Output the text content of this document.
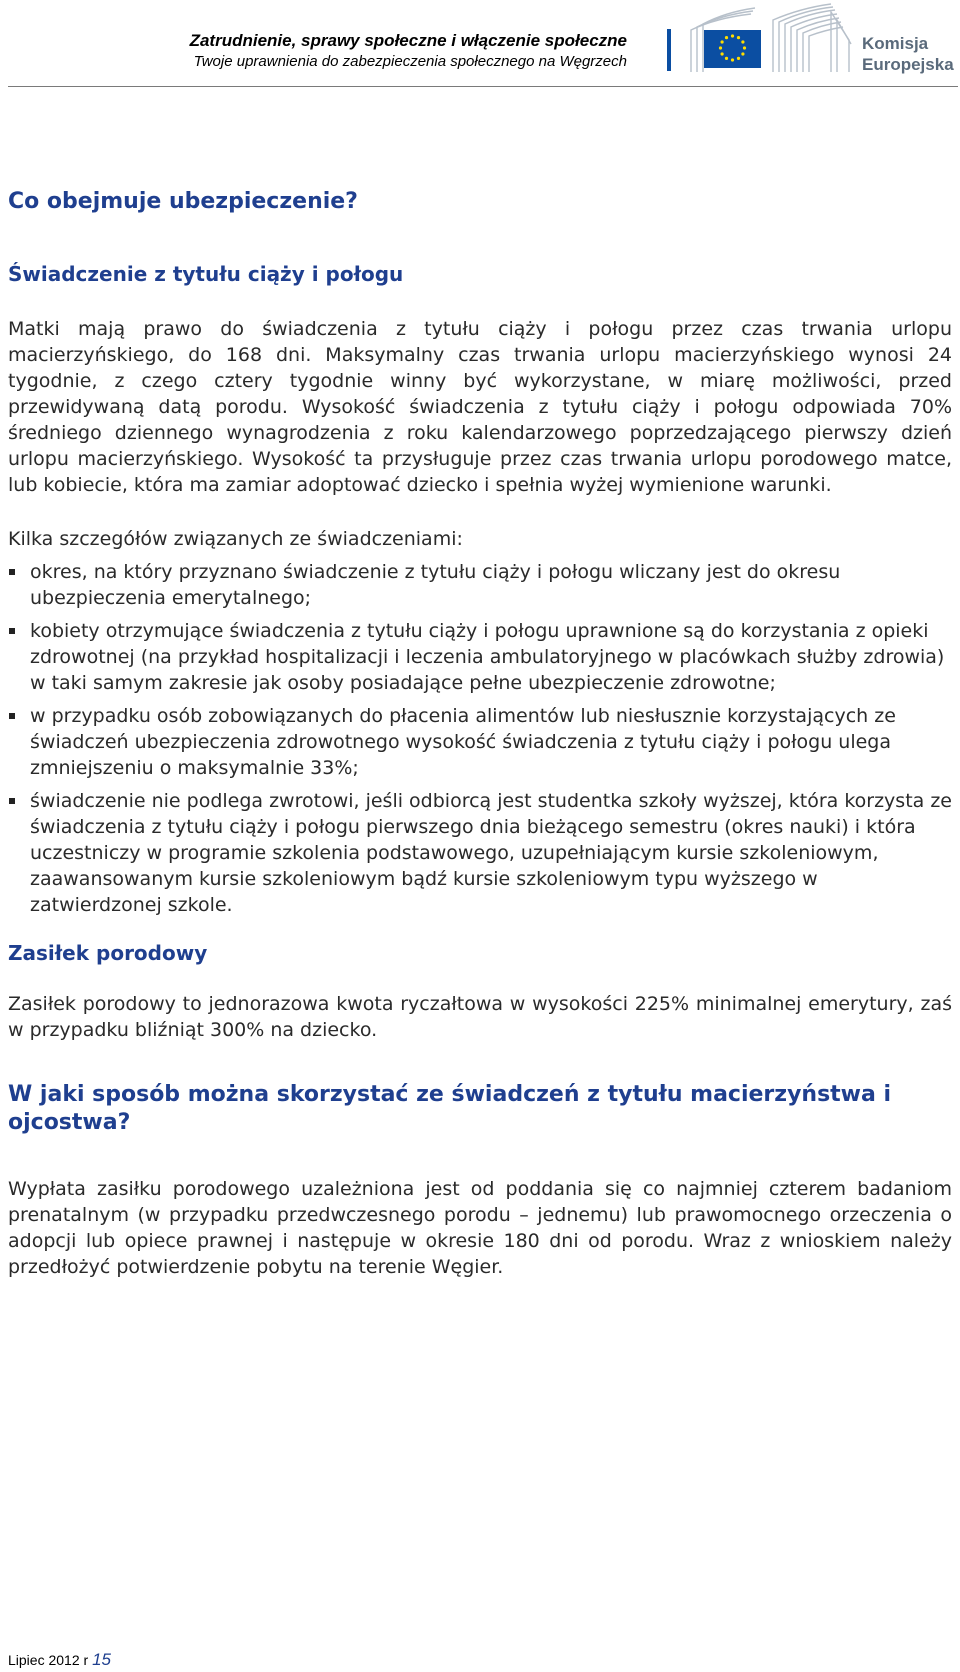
Zatrudnienie, sprawy społeczne i włączenie społeczne
Twoje uprawnienia do zabezpieczenia społecznego na Węgrzech
Komisja
Europejska
Co obejmuje ubezpieczenie?
Świadczenie z tytułu ciąży i połogu

Matki mają prawo do świadczenia z tytułu ciąży i połogu przez czas trwania urlopu macierzyńskiego, do 168 dni. Maksymalny czas trwania urlopu macierzyńskiego wynosi 24 tygodnie, z czego cztery tygodnie winny być wykorzystane, w miarę możliwości, przed przewidywaną datą porodu. Wysokość świadczenia z tytułu ciąży i połogu odpowiada 70% średniego dziennego wynagrodzenia z roku kalendarzowego poprzedzającego pierwszy dzień urlopu macierzyńskiego. Wysokość ta przysługuje przez czas trwania urlopu porodowego matce, lub kobiecie, która ma zamiar adoptować dziecko i spełnia wyżej wymienione warunki.

Kilka szczegółów związanych ze świadczeniami:

okres, na który przyznano świadczenie z tytułu ciąży i połogu wliczany jest do okresu ubezpieczenia emerytalnego;
kobiety otrzymujące świadczenia z tytułu ciąży i połogu uprawnione są do korzystania z opieki zdrowotnej (na przykład hospitalizacji i leczenia ambulatoryjnego w placówkach służby zdrowia) w taki samym zakresie jak osoby posiadające pełne ubezpieczenie zdrowotne;
w przypadku osób zobowiązanych do płacenia alimentów lub niesłusznie korzystających ze świadczeń ubezpieczenia zdrowotnego wysokość świadczenia z tytułu ciąży i połogu ulega zmniejszeniu o maksymalnie 33%;
świadczenie nie podlega zwrotowi, jeśli odbiorcą jest studentka szkoły wyższej, która korzysta ze świadczenia z tytułu ciąży i połogu pierwszego dnia bieżącego semestru (okres nauki) i która uczestniczy w programie szkolenia podstawowego, uzupełniającym kursie szkoleniowym, zaawansowanym kursie szkoleniowym bądź kursie szkoleniowym typu wyższego w zatwierdzonej szkole.
Zasiłek porodowy

Zasiłek porodowy to jednorazowa kwota ryczałtowa w wysokości 225% minimalnej emerytury, zaś w przypadku bliźniąt 300% na dziecko.

W jaki sposób można skorzystać ze świadczeń z tytułu macierzyństwa i ojcostwa?

Wypłata zasiłku porodowego uzależniona jest od poddania się co najmniej czterem badaniom prenatalnym (w przypadku przedwczesnego porodu – jednemu) lub prawomocnego orzeczenia o adopcji lub opiece prawnej i następuje w okresie 180 dni od porodu. Wraz z wnioskiem należy przedłożyć potwierdzenie pobytu na terenie Węgier.

Lipiec 2012 r 15
